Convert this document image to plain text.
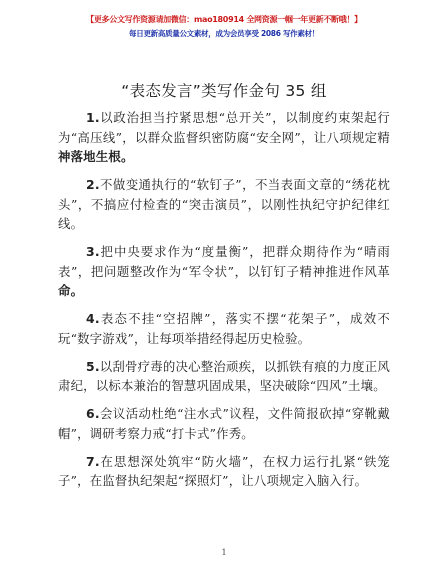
【更多公文写作资源请加微信：mao180914 全网资源一帼一年更新不断哦！】
每日更新高质量公文素材，成为会员享受 2086 写作素材！
“表态发言”类写作金句 35 组

1.以政治担当拧紧思想“总开关”，以制度约束架起行为“高压线”，以群众监督织密防腐“安全网”，让八项规定精神落地生根。

2.不做变通执行的“软钉子”，不当表面文章的“绣花枕头”，不搞应付检查的“突击演员”，以刚性执纪守护纪律红线。

3.把中央要求作为“度量衡”，把群众期待作为“晴雨表”，把问题整改作为“军令状”，以钉钉子精神推进作风革命。

4.表态不挂“空招牌”，落实不摆“花架子”，成效不玩“数字游戏”，让每项举措经得起历史检验。

5.以刮骨疗毒的决心整治顽疾，以抓铁有痕的力度正风肃纪，以标本兼治的智慧巩固成果，坚决破除“四风”土壤。

6.会议活动杜绝“注水式”议程，文件简报砍掉“穿靴戴帽”，调研考察力戒“打卡式”作秀。

7.在思想深处筑牢“防火墙”，在权力运行扎紧“铁笼子”，在监督执纪架起“探照灯”，让八项规定入脑入行。

1
